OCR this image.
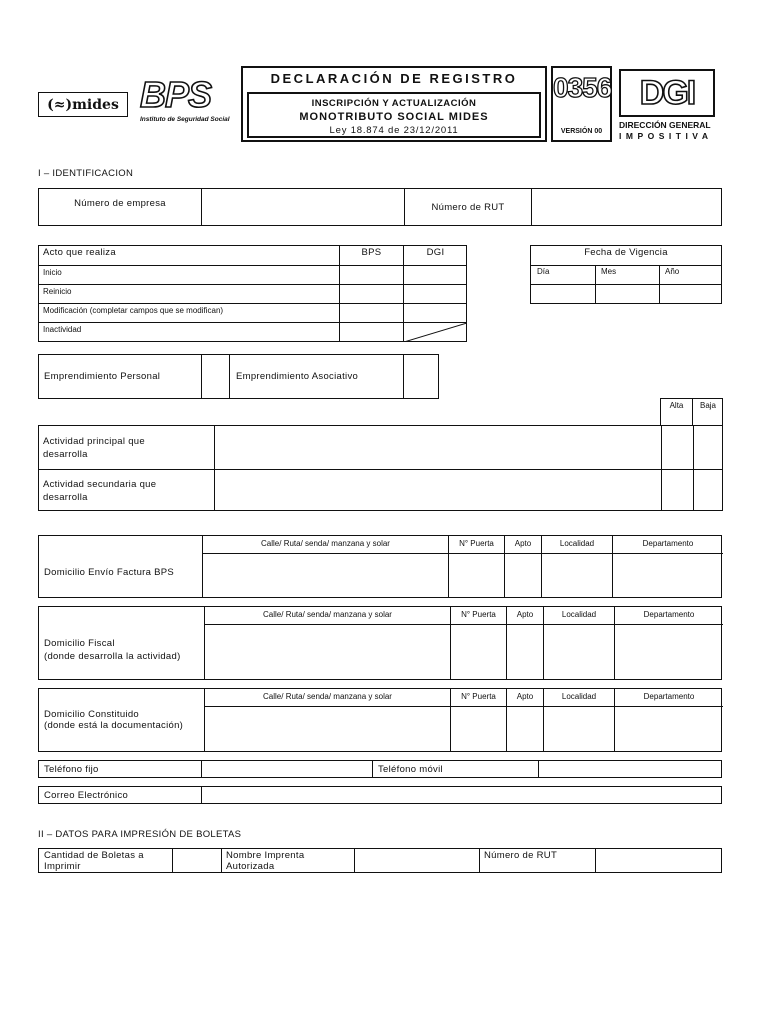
(≈)mides BPS
Instituto de Seguridad Social
DECLARACIÓN DE REGISTRO
INSCRIPCIÓN Y ACTUALIZACIÓN
MONOTRIBUTO SOCIAL MIDES
Ley 18.874 de 23/12/2011
0356
VERSIÓN 00
DGI
DIRECCIÓN GENERAL
IMPOSITIVA
I – IDENTIFICACION
Número de empresa	Número de RUT
Acto que realiza	BPS	DGI
Inicio
Reinicio
Modificación (completar campos que se modifican)
Inactividad
Fecha de Vigencia
Día	Mes	Año
Emprendimiento Personal	Emprendimiento Asociativo
Alta	Baja
Actividad principal que
desarrolla
Actividad secundaria que
desarrolla
Calle/ Ruta/ senda/ manzana y solar	N° Puerta	Apto	Localidad	Departamento
Domicilio Envío Factura BPS
Calle/ Ruta/ senda/ manzana y solar	N° Puerta	Apto	Localidad	Departamento
Domicilio Fiscal
(donde desarrolla la actividad)
Calle/ Ruta/ senda/ manzana y solar	N° Puerta	Apto	Localidad	Departamento
Domicilio Constituido
(donde está la documentación)
Teléfono fijo	Teléfono móvil
Correo Electrónico
II – DATOS PARA IMPRESIÓN DE BOLETAS
Cantidad de Boletas a
Imprimir
Nombre Imprenta
Autorizada
Número de RUT
